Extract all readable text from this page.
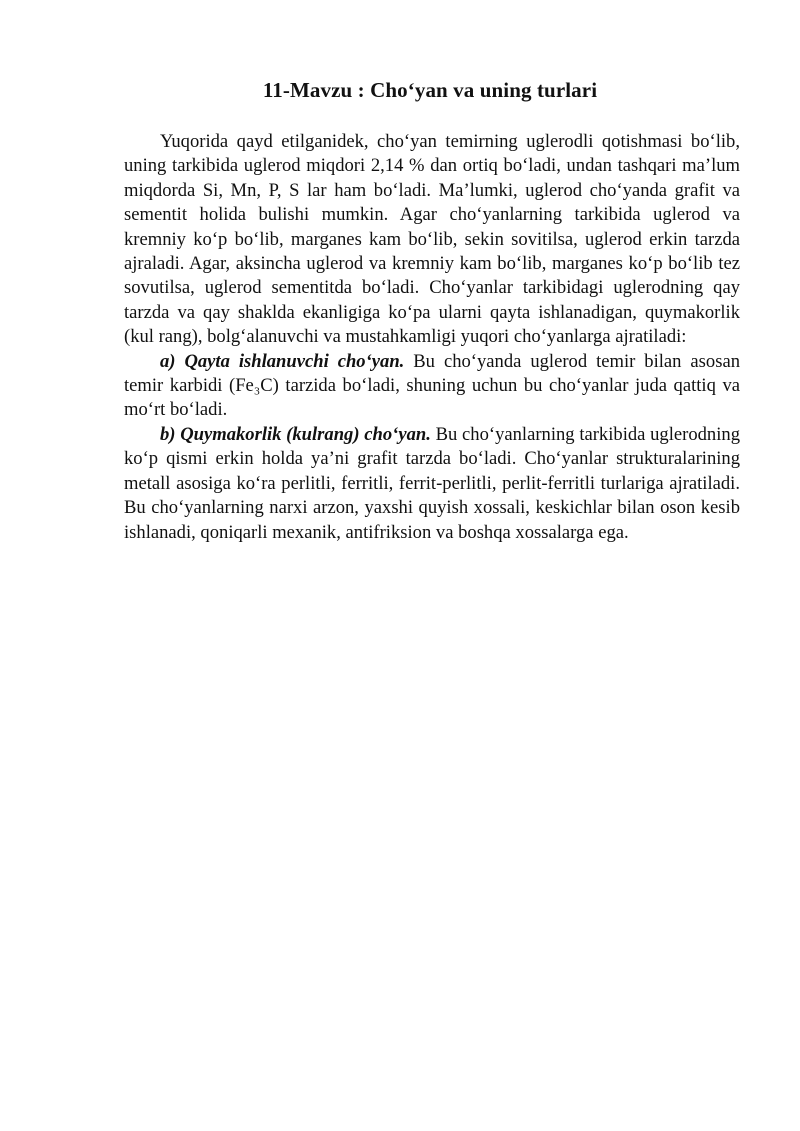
11-Mavzu : Cho‘yan va uning turlari

Yuqorida qayd etilganidek, cho‘yan temirning uglerodli qotishmasi bo‘lib, uning tarkibida uglerod miqdori 2,14 % dan ortiq bo‘ladi, undan tashqari ma’lum miqdorda Si, Mn, P, S lar ham bo‘ladi. Ma’lumki, uglerod cho‘yanda grafit va sementit holida bulishi mumkin. Agar cho‘yanlarning tarkibida uglerod va kremniy ko‘p bo‘lib, marganes kam bo‘lib, sekin sovitilsa, uglerod erkin tarzda ajraladi. Agar, aksincha uglerod va kremniy kam bo‘lib, marganes ko‘p bo‘lib tez sovutilsa, uglerod sementitda bo‘ladi. Cho‘yanlar tarkibidagi uglerodning qay tarzda va qay shaklda ekanligiga ko‘pa ularni qayta ishlanadigan, quymakorlik (kul rang), bolg‘alanuvchi va mustahkamligi yuqori cho‘yanlarga ajratiladi:

a) Qayta ishlanuvchi cho‘yan. Bu cho‘yanda uglerod temir bilan asosan temir karbidi (Fe₃C) tarzida bo‘ladi, shuning uchun bu cho‘yanlar juda qattiq va mo‘rt bo‘ladi.

b) Quymakorlik (kulrang) cho‘yan. Bu cho‘yanlarning tarkibida uglerodning ko‘p qismi erkin holda ya’ni grafit tarzda bo‘ladi. Cho‘yanlar strukturalarining metall asosiga ko‘ra perlitli, ferritli, ferrit-perlitli, perlit-ferritli turlariga ajratiladi. Bu cho‘yanlarning narxi arzon, yaxshi quyish xossali, keskichlar bilan oson kesib ishlanadi, qoniqarli mexanik, antifriksion va boshqa xossalarga ega.
